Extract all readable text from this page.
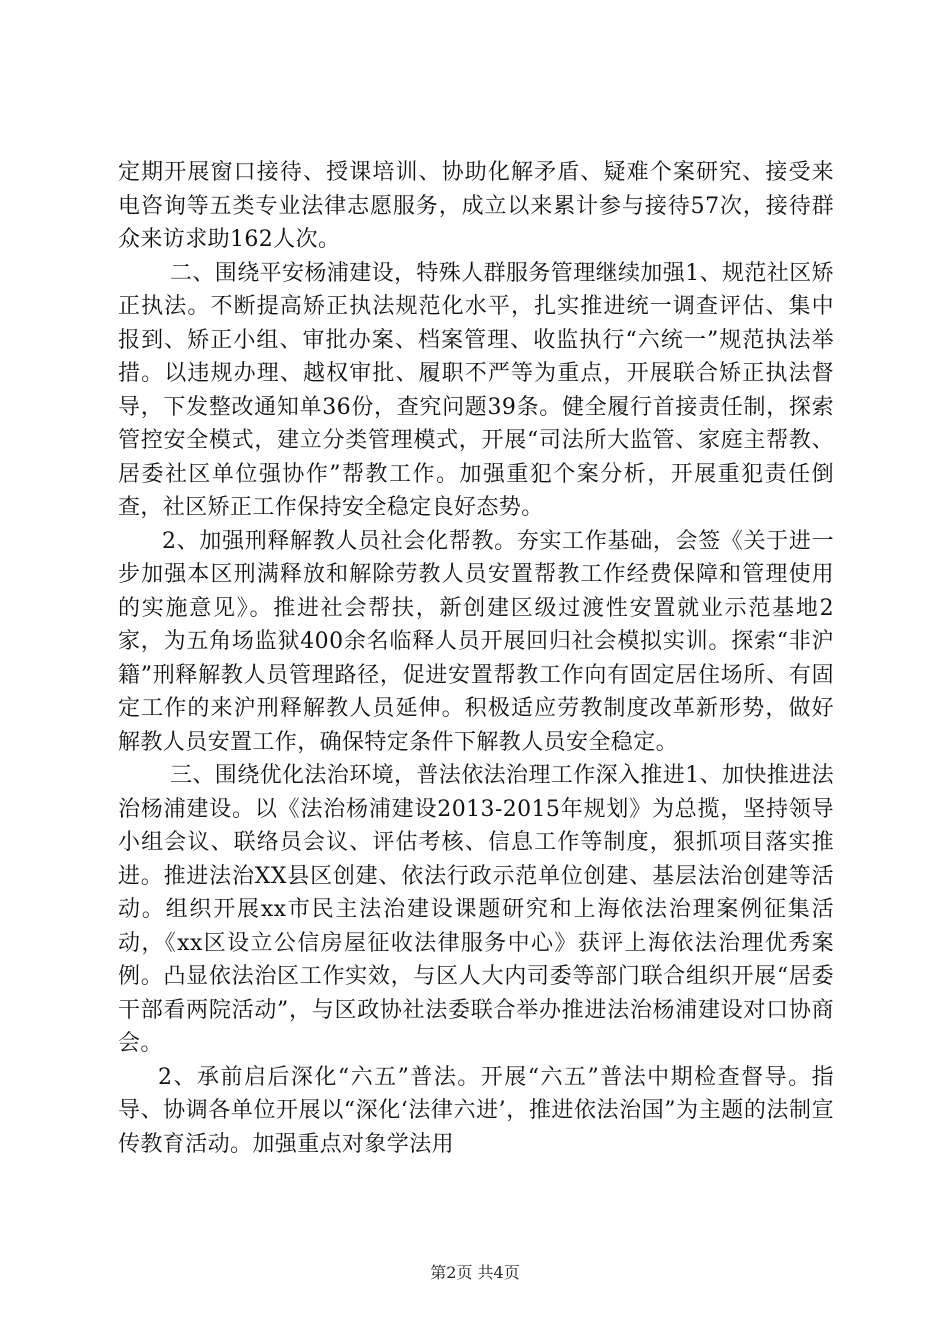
定期开展窗口接待、授课培训、协助化解矛盾、疑难个案研究、接受来电咨询等五类专业法律志愿服务，成立以来累计参与接待57次，接待群众来访求助162人次。

二、围绕平安杨浦建设，特殊人群服务管理继续加强1、规范社区矫正执法。不断提高矫正执法规范化水平，扎实推进统一调查评估、集中报到、矫正小组、审批办案、档案管理、收监执行“六统一”规范执法举措。以违规办理、越权审批、履职不严等为重点，开展联合矫正执法督导，下发整改通知单36份，查究问题39条。健全履行首接责任制，探索管控安全模式，建立分类管理模式，开展“司法所大监管、家庭主帮教、居委社区单位强协作”帮教工作。加强重犯个案分析，开展重犯责任倒查，社区矫正工作保持安全稳定良好态势。

2、加强刑释解教人员社会化帮教。夯实工作基础，会签《关于进一步加强本区刑满释放和解除劳教人员安置帮教工作经费保障和管理使用的实施意见》。推进社会帮扶，新创建区级过渡性安置就业示范基地2家，为五角场监狱400余名临释人员开展回归社会模拟实训。探索“非沪籍”刑释解教人员管理路径，促进安置帮教工作向有固定居住场所、有固定工作的来沪刑释解教人员延伸。积极适应劳教制度改革新形势，做好解教人员安置工作，确保特定条件下解教人员安全稳定。

三、围绕优化法治环境，普法依法治理工作深入推进1、加快推进法治杨浦建设。以《法治杨浦建设2013-2015年规划》为总揽，坚持领导小组会议、联络员会议、评估考核、信息工作等制度，狠抓项目落实推进。推进法治XX县区创建、依法行政示范单位创建、基层法治创建等活动。组织开展xx市民主法治建设课题研究和上海依法治理案例征集活动，《xx区设立公信房屋征收法律服务中心》获评上海依法治理优秀案例。凸显依法治区工作实效，与区人大内司委等部门联合组织开展“居委干部看两院活动”，与区政协社法委联合举办推进法治杨浦建设对口协商会。

2、承前启后深化“六五”普法。开展“六五”普法中期检查督导。指导、协调各单位开展以“深化‘法律六进’，推进依法治国”为主题的法制宣传教育活动。加强重点对象学法用

第2页 共4页
